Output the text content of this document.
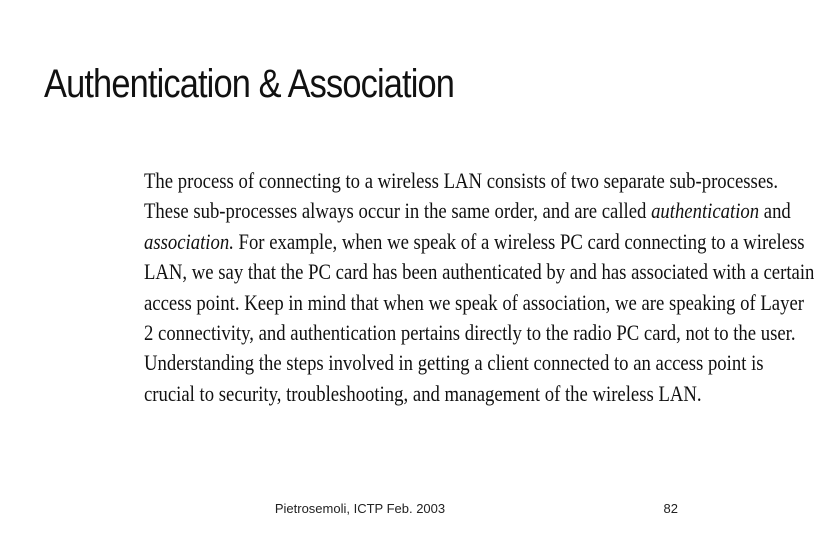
Authentication & Association
The process of connecting to a wireless LAN consists of two separate sub-processes.
These sub-processes always occur in the same order, and are called authentication and
association. For example, when we speak of a wireless PC card connecting to a wireless
LAN, we say that the PC card has been authenticated by and has associated with a certain
access point. Keep in mind that when we speak of association, we are speaking of Layer
2 connectivity, and authentication pertains directly to the radio PC card, not to the user.
Understanding the steps involved in getting a client connected to an access point is
crucial to security, troubleshooting, and management of the wireless LAN.
Pietrosemoli, ICTP Feb. 2003	82
